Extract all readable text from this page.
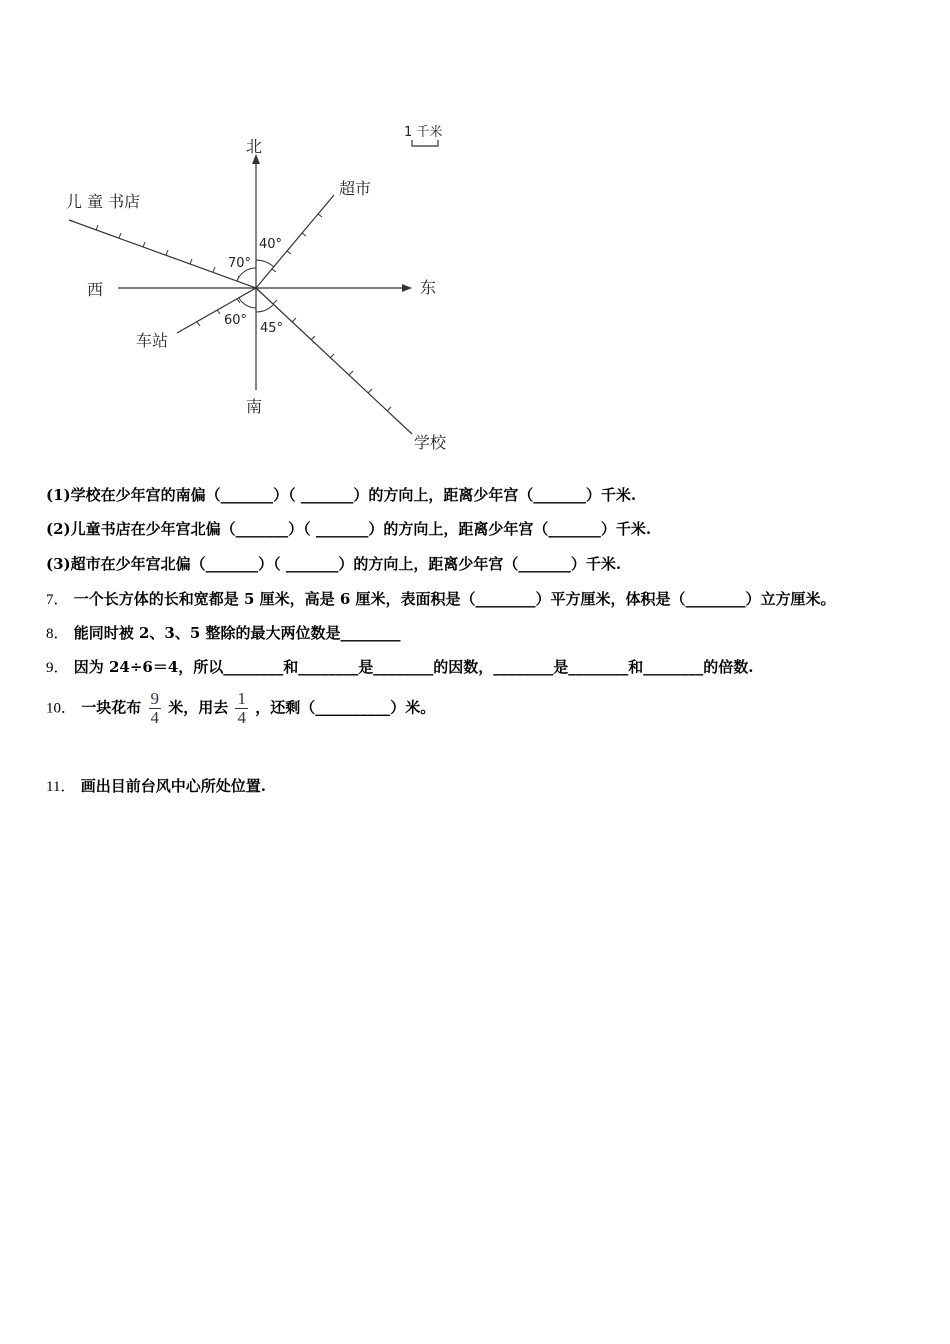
1 千米
北
南
东
西
儿 童 书店
超市
车站
学校
70°
40°
60°
45°
(1)学校在少年宫的南偏（_______）（ _______）的方向上，距离少年宫（_______）千米.
(2)儿童书店在少年宫北偏（_______）（ _______）的方向上，距离少年宫（_______）千米.
(3)超市在少年宫北偏（_______）（ _______）的方向上，距离少年宫（_______）千米.
7． 一个长方体的长和宽都是 5 厘米，高是 6 厘米，表面积是（________）平方厘米，体积是（________）立方厘米。
8． 能同时被 2、3、5 整除的最大两位数是________
9． 因为 24÷6＝4，所以________和________是________的因数，________是________和________的倍数.
10． 一块花布 $\frac{9}{4}$ 米，用去 $\frac{1}{4}$ ，还剩（__________）米。
11． 画出目前台风中心所处位置.
